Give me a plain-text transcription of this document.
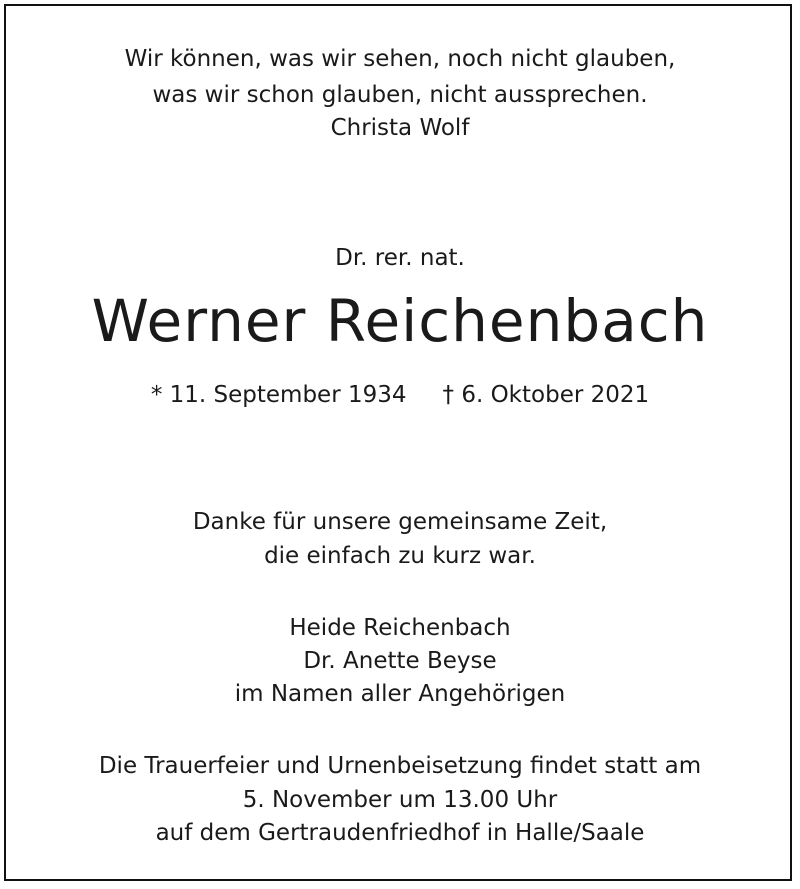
Wir können, was wir sehen, noch nicht glauben,
was wir schon glauben, nicht aussprechen.
Christa Wolf
Dr. rer. nat.
Werner Reichenbach
* 11. September 1934 † 6. Oktober 2021
Danke für unsere gemeinsame Zeit,
die einfach zu kurz war.
Heide Reichenbach
Dr. Anette Beyse
im Namen aller Angehörigen
Die Trauerfeier und Urnenbeisetzung findet statt am
5. November um 13.00 Uhr
auf dem Gertraudenfriedhof in Halle/Saale
